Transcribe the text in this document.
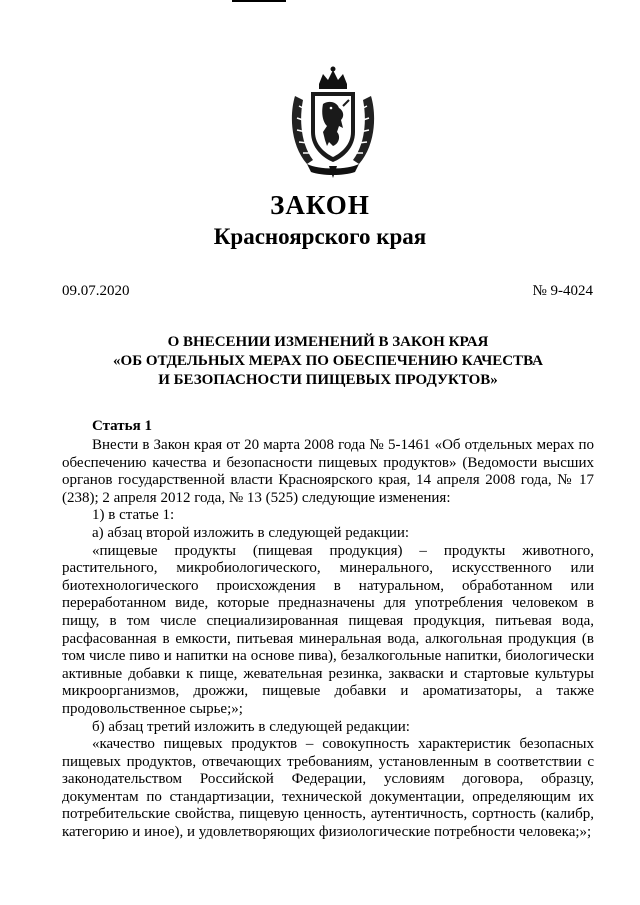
ЗАКОН
Красноярского края
09.07.2020	№ 9-4024
О ВНЕСЕНИИ ИЗМЕНЕНИЙ В ЗАКОН КРАЯ
«ОБ ОТДЕЛЬНЫХ МЕРАХ ПО ОБЕСПЕЧЕНИЮ КАЧЕСТВА
И БЕЗОПАСНОСТИ ПИЩЕВЫХ ПРОДУКТОВ»
Статья 1

Внести в Закон края от 20 марта 2008 года № 5-1461 «Об отдельных мерах по обеспечению качества и безопасности пищевых продуктов» (Ведомости высших органов государственной власти Красноярского края, 14 апреля 2008 года, № 17 (238); 2 апреля 2012 года, № 13 (525) следующие изменения:

1) в статье 1:

а) абзац второй изложить в следующей редакции:

«пищевые продукты (пищевая продукция) – продукты животного, растительного, микробиологического, минерального, искусственного или биотехнологического происхождения в натуральном, обработанном или переработанном виде, которые предназначены для употребления человеком в пищу, в том числе специализированная пищевая продукция, питьевая вода, расфасованная в емкости, питьевая минеральная вода, алкогольная продукция (в том числе пиво и напитки на основе пива), безалкогольные напитки, биологически активные добавки к пище, жевательная резинка, закваски и стартовые культуры микроорганизмов, дрожжи, пищевые добавки и ароматизаторы, а также продовольственное сырье;»;

б) абзац третий изложить в следующей редакции:

«качество пищевых продуктов – совокупность характеристик безопасных пищевых продуктов, отвечающих требованиям, установленным в соответствии с законодательством Российской Федерации, условиям договора, образцу, документам по стандартизации, технической документации, определяющим их потребительские свойства, пищевую ценность, аутентичность, сортность (калибр, категорию и иное), и удовлетворяющих физиологические потребности человека;»;
